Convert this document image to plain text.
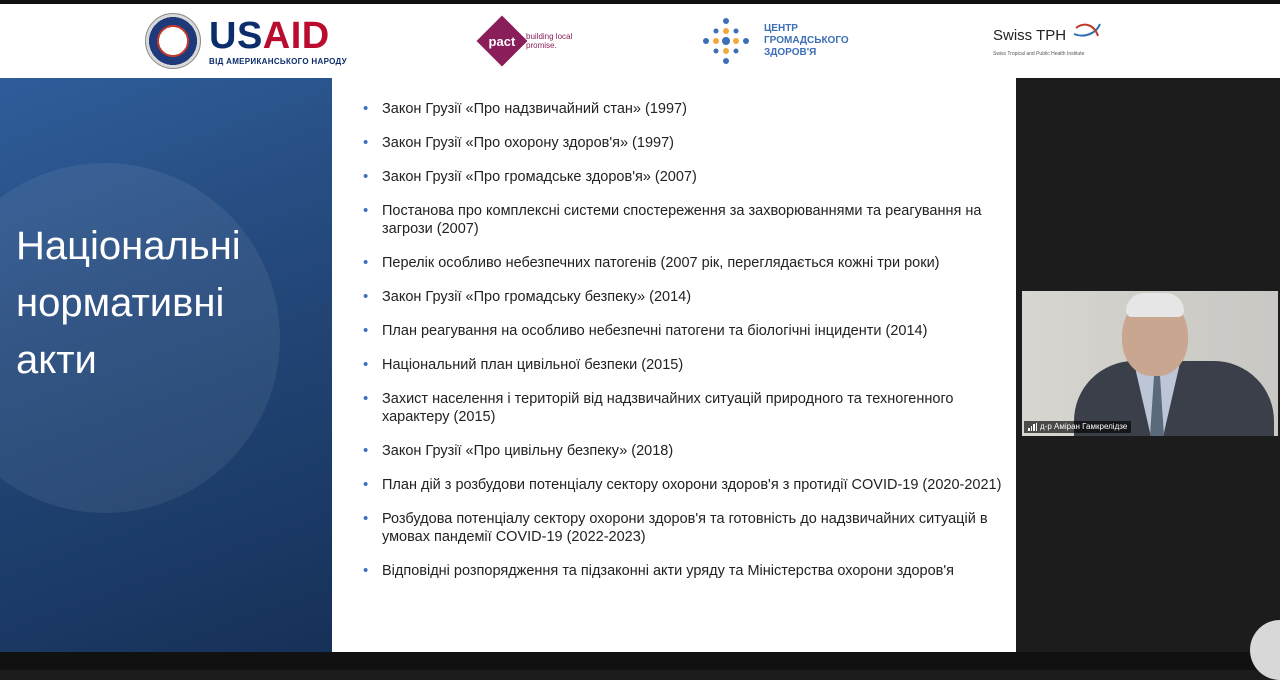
USAID
ВІД АМЕРИКАНСЬКОГО НАРОДУ
pact building local promise.
ЦЕНТР
ГРОМАДСЬКОГО
ЗДОРОВ'Я
Swiss TPH
Swiss Tropical and Public Health Institute
Національні
нормативні
акти
• Закон Грузії «Про надзвичайний стан» (1997)
• Закон Грузії «Про охорону здоров'я» (1997)
• Закон Грузії «Про громадське здоров'я» (2007)
• Постанова про комплексні системи спостереження за захворюваннями та реагування на загрози (2007)
• Перелік особливо небезпечних патогенів (2007 рік, переглядається кожні три роки)
• Закон Грузії «Про громадську безпеку» (2014)
• План реагування на особливо небезпечні патогени та біологічні інциденти (2014)
• Національний план цивільної безпеки (2015)
• Захист населення і територій від надзвичайних ситуацій природного та техногенного характеру (2015)
• Закон Грузії «Про цивільну безпеку» (2018)
• План дій з розбудови потенціалу сектору охорони здоров'я з протидії COVID-19 (2020-2021)
• Розбудова потенціалу сектору охорони здоров'я та готовність до надзвичайних ситуацій в умовах пандемії COVID-19 (2022-2023)
• Відповідні розпорядження та підзаконні акти уряду та Міністерства охорони здоров'я
д-р Аміран Гамкрелідзе
